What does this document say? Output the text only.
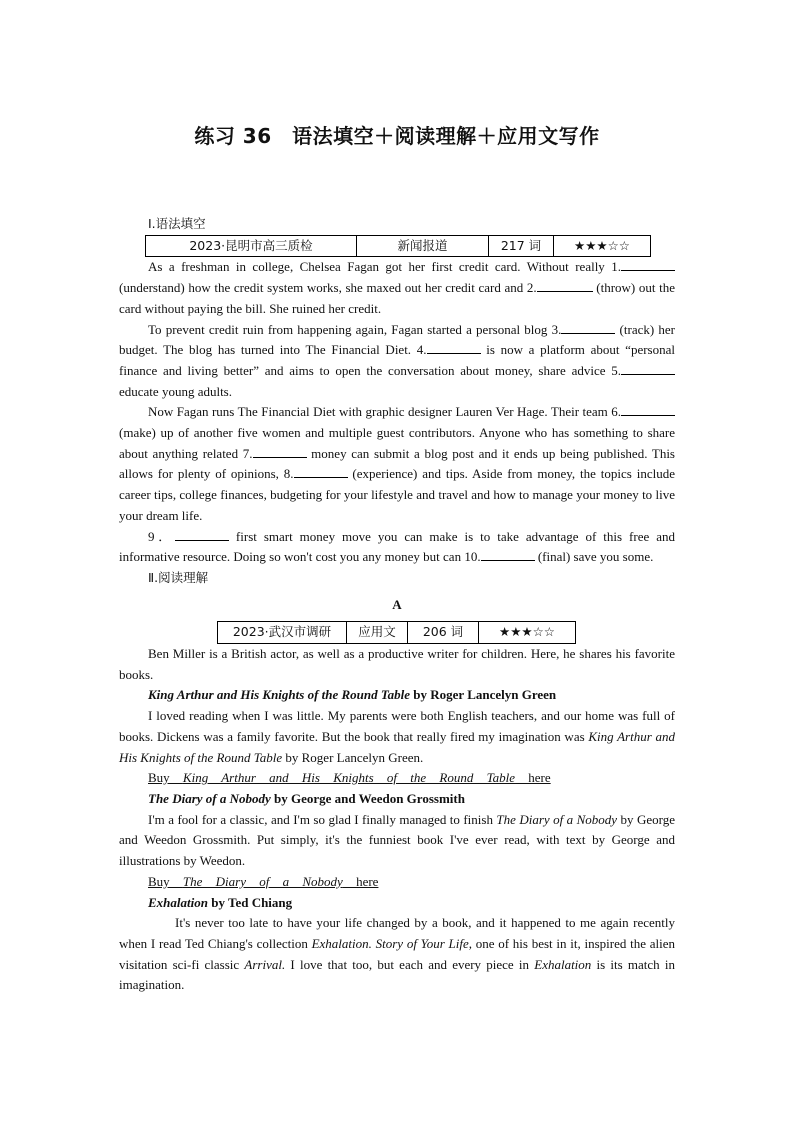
练习 36　语法填空＋阅读理解＋应用文写作
Ⅰ.语法填空
2023·昆明市高三质检	新闻报道	217 词	★★★☆☆

As a freshman in college, Chelsea Fagan got her first credit card. Without really 1. (understand) how the credit system works, she maxed out her credit card and 2.	(throw) out the card without paying the bill. She ruined her credit.

To prevent credit ruin from happening again, Fagan started a personal blog 3.	(track) her budget. The blog has turned into The Financial Diet. 4.	is now a platform about “personal finance and living better” and aims to open the conversation about money, share advice 5. educate young adults.

Now Fagan runs The Financial Diet with graphic designer Lauren Ver Hage. Their team 6. (make) up of another five women and multiple guest contributors. Anyone who has something to share about anything related 7.	money can submit a blog post and it ends up being published. This allows for plenty of opinions, 8.	(experience) and tips. Aside from money, the topics include career tips, college finances, budgeting for your lifestyle and travel and how to manage your money to live your dream life.

9．	first smart money move you can make is to take advantage of this free and informative resource. Doing so won't cost you any money but can 10.	(final) save you some.

Ⅱ.阅读理解
A
2023·武汉市调研	应用文	206 词	★★★☆☆

Ben Miller is a British actor, as well as a productive writer for children. Here, he shares his favorite books.

King Arthur and His Knights of the Round Table by Roger Lancelyn Green

I loved reading when I was little. My parents were both English teachers, and our home was full of books. Dickens was a family favorite. But the book that really fired my imagination was King Arthur and His Knights of the Round Table by Roger Lancelyn Green.

Buy King Arthur and His Knights of the Round Table here
The Diary of a Nobody by George and Weedon Grossmith

I'm a fool for a classic, and I'm so glad I finally managed to finish The Diary of a Nobody by George and Weedon Grossmith. Put simply, it's the funniest book I've ever read, with text by George and illustrations by Weedon.

Buy The Diary of a Nobody here
Exhalation by Ted Chiang

It's never too late to have your life changed by a book, and it happened to me again recently when I read Ted Chiang's collection Exhalation. Story of Your Life, one of his best in it, inspired the alien visitation sci-fi classic Arrival. I love that too, but each and every piece in Exhalation is its match in imagination.
